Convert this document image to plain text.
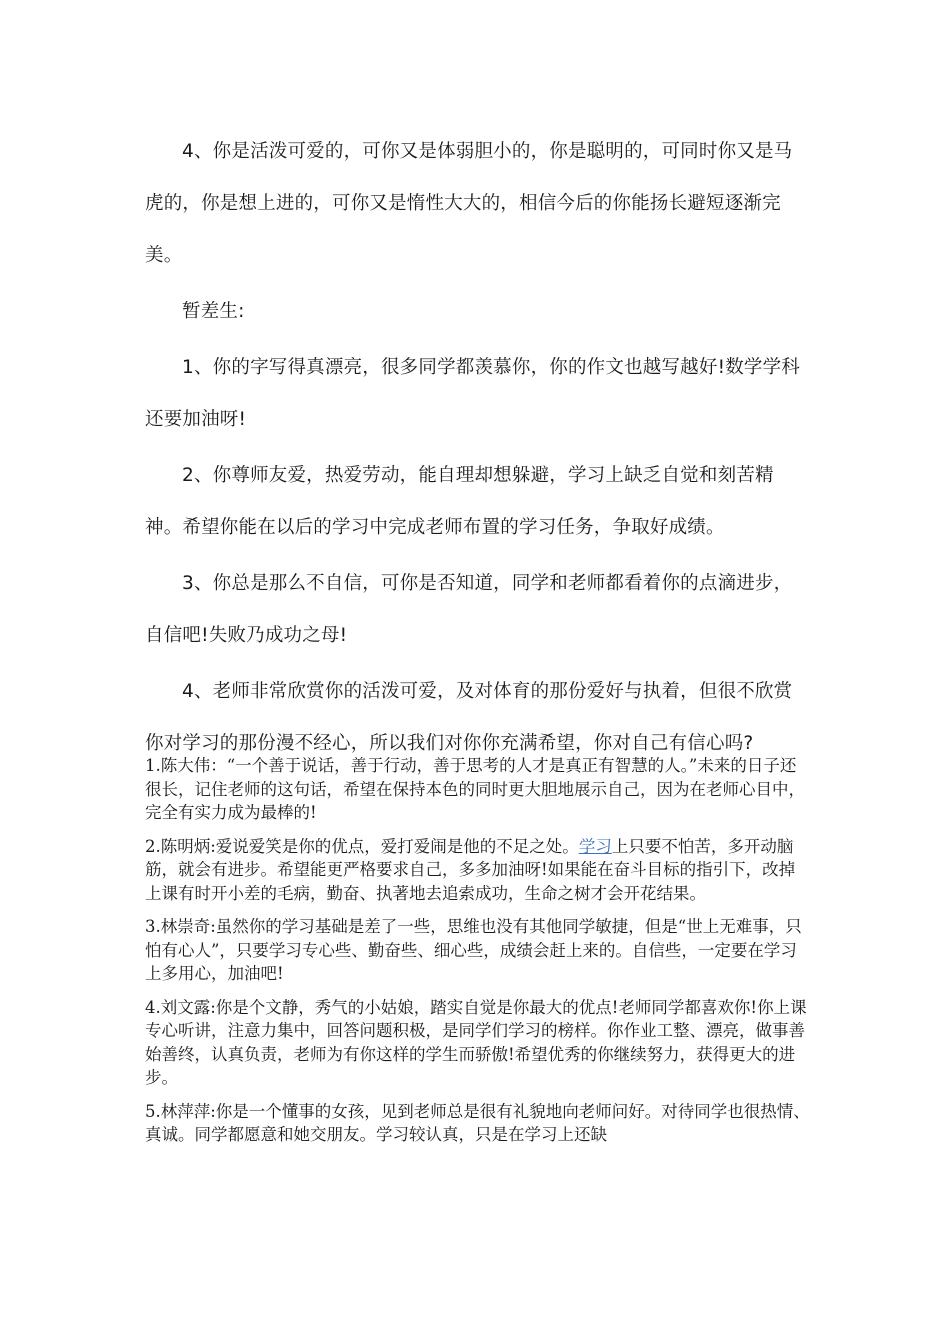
4、你是活泼可爱的，可你又是体弱胆小的，你是聪明的，可同时你又是马虎的，你是想上进的，可你又是惰性大大的，相信今后的你能扬长避短逐渐完美。

暂差生:

1、你的字写得真漂亮，很多同学都羡慕你，你的作文也越写越好!数学学科还要加油呀!

2、你尊师友爱，热爱劳动，能自理却想躲避，学习上缺乏自觉和刻苦精神。希望你能在以后的学习中完成老师布置的学习任务，争取好成绩。

3、你总是那么不自信，可你是否知道，同学和老师都看着你的点滴进步，自信吧!失败乃成功之母!

4、老师非常欣赏你的活泼可爱，及对体育的那份爱好与执着，但很不欣赏你对学习的那份漫不经心，所以我们对你你充满希望，你对自己有信心吗?

1.陈大伟：“一个善于说话，善于行动，善于思考的人才是真正有智慧的人。”未来的日子还很长，记住老师的这句话，希望在保持本色的同时更大胆地展示自己，因为在老师心目中，完全有实力成为最棒的!

2.陈明炳:爱说爱笑是你的优点，爱打爱闹是他的不足之处。学习上只要不怕苦，多开动脑筋，就会有进步。希望能更严格要求自己，多多加油呀!如果能在奋斗目标的指引下，改掉上课有时开小差的毛病，勤奋、执著地去追索成功，生命之树才会开花结果。

3.林崇奇:虽然你的学习基础是差了一些，思维也没有其他同学敏捷，但是“世上无难事，只怕有心人”，只要学习专心些、勤奋些、细心些，成绩会赶上来的。自信些，一定要在学习上多用心，加油吧!

4.刘文露:你是个文静，秀气的小姑娘，踏实自觉是你最大的优点!老师同学都喜欢你!你上课专心听讲，注意力集中，回答问题积极，是同学们学习的榜样。你作业工整、漂亮，做事善始善终，认真负责，老师为有你这样的学生而骄傲!希望优秀的你继续努力，获得更大的进步。

5.林萍萍:你是一个懂事的女孩，见到老师总是很有礼貌地向老师问好。对待同学也很热情、真诚。同学都愿意和她交朋友。学习较认真，只是在学习上还缺
